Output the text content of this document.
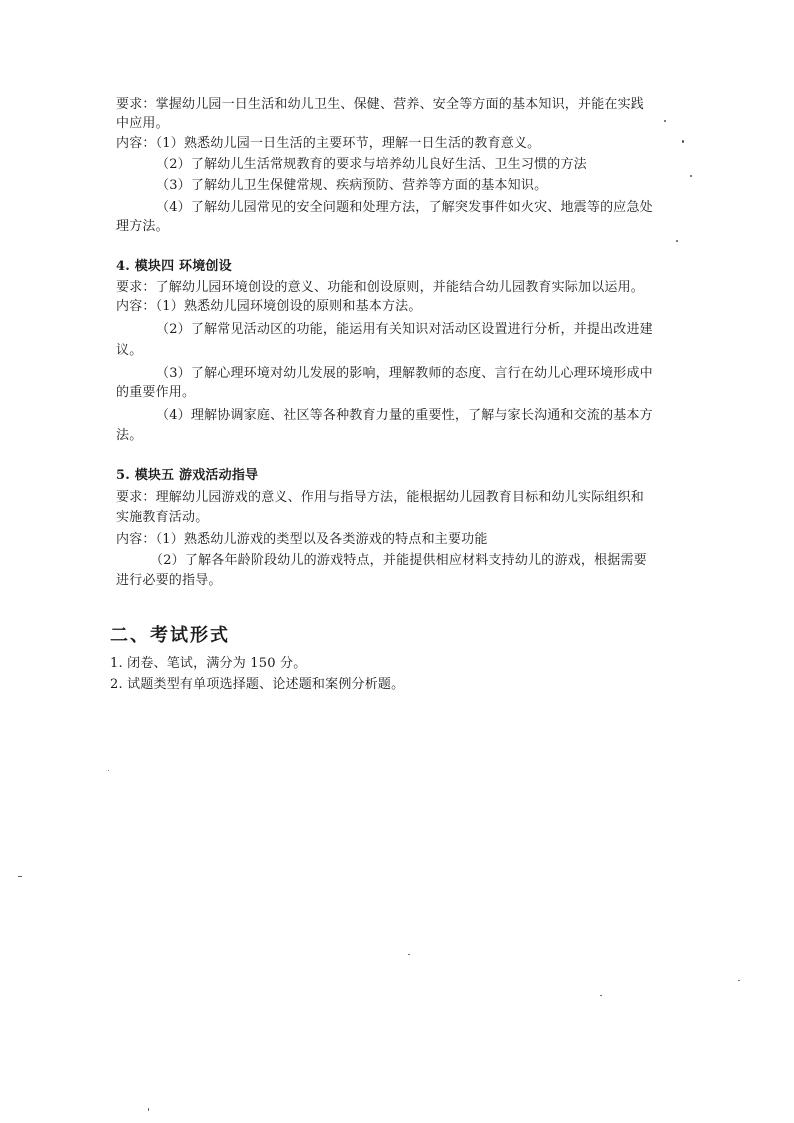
要求：掌握幼儿园一日生活和幼儿卫生、保健、营养、安全等方面的基本知识，并能在实践
中应用。
内容：（1）熟悉幼儿园一日生活的主要环节，理解一日生活的教育意义。
（2）了解幼儿生活常规教育的要求与培养幼儿良好生活、卫生习惯的方法
（3）了解幼儿卫生保健常规、疾病预防、营养等方面的基本知识。
（4）了解幼儿园常见的安全问题和处理方法，了解突发事件如火灾、地震等的应急处
理方法。
4. 模块四 环境创设
要求：了解幼儿园环境创设的意义、功能和创设原则，并能结合幼儿园教育实际加以运用。
内容：（1）熟悉幼儿园环境创设的原则和基本方法。
（2）了解常见活动区的功能，能运用有关知识对活动区设置进行分析，并提出改进建
议。
（3）了解心理环境对幼儿发展的影响，理解教师的态度、言行在幼儿心理环境形成中
的重要作用。
（4）理解协调家庭、社区等各种教育力量的重要性，了解与家长沟通和交流的基本方
法。
5. 模块五 游戏活动指导
要求：理解幼儿园游戏的意义、作用与指导方法，能根据幼儿园教育目标和幼儿实际组织和
实施教育活动。
内容：（1）熟悉幼儿游戏的类型以及各类游戏的特点和主要功能
（2）了解各年龄阶段幼儿的游戏特点，并能提供相应材料支持幼儿的游戏，根据需要
进行必要的指导。
二、考试形式
1. 闭卷、笔试，满分为 150 分。
2. 试题类型有单项选择题、论述题和案例分析题。
